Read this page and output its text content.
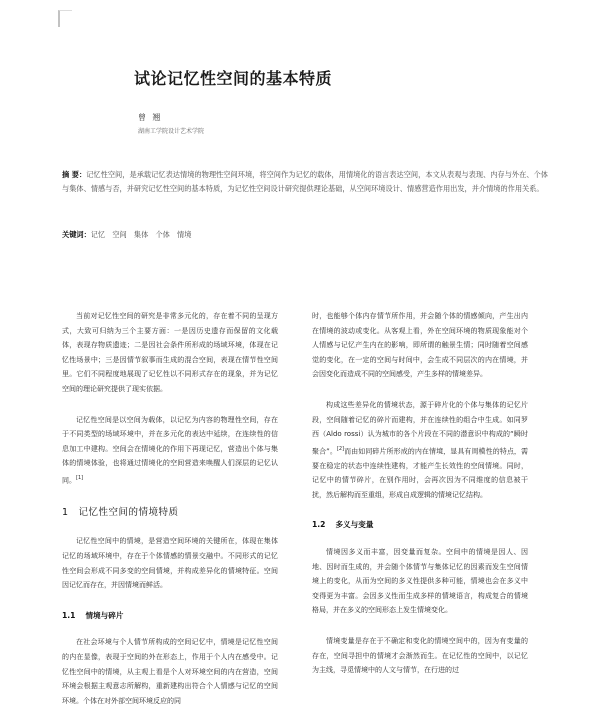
试论记忆性空间的基本特质
曾 翘
湖南工学院设计艺术学院
摘 要：记忆性空间，是承载记忆表达情境的物理性空间环境，将空间作为记忆的载体，用情境化的语言表达空间，本文从表观与表现、内存与外在、个体与集体、情感与否，并研究记忆性空间的基本特质，为记忆性空间设计研究提供理论基础，从空间环境设计、情感营造作用出发，并介情境的作用关系。
关键词：记忆　空间　集体　个体　情境

当前对记忆性空间的研究是非常多元化的，存在着不同的呈现方式，大致可归纳为三个主要方面：一是因历史遗存而保留的文化载体，表现存物质遗迹；二是因社会条件所形成的场域环境，体现在记忆性场景中；三是因情节叙事而生成的混合空间，表现在情节性空间里。它们不同程度地展现了记忆性以不同形式存在的现象，并为记忆空间的理论研究提供了现实依据。

记忆性空间是以空间为载体，以记忆为内容的物理性空间，存在于不同类型的场域环境中，并在多元化的表达中延续，在连续性的信息加工中建构。空间会在情境化的作用下再现记忆，营造出个体与集体的情境体验，也将通过情境化的空间营造来唤醒人们深层的记忆认同。[1]

1 记忆性空间的情境特质

记忆性空间中的情境，是营造空间环境的关键所在，体现在集体记忆的场域环境中，存在于个体情感的情景交融中。不同形式的记忆性空间会形成不同多变的空间情境，并构成差异化的情境特征。空间因记忆而存在，并因情境而鲜活。

1.1 情境与碎片

在社会环境与个人情节所构成的空间记忆中，情境是记忆性空间的内在显像，表现于空间的外在形态上，作用于个人内在感受中。记忆性空间中的情境，从主观上看是个人对环境空间的内在营造，空间环境会根据主观意志所解构，重新建构出符合个人情感与记忆的空间环境。个体在对外部空间环境反应的同

时，也能够个体内存情节所作用，并会随个体的情感倾向，产生出内在情境的波动或变化。从客观上看，外在空间环境的物质现象能对个人情感与记忆产生内在的影响，即所谓的触景生情；同时随着空间感觉的变化，在一定的空间与时间中，会生成不同层次的内在情境，并会因变化而造成不同的空间感受，产生多样的情境差异。

构成这些差异化的情境状态，源于碎片化的个体与集体的记忆片段，空间随着记忆的碎片而建构，并在连续性的组合中生成。如同罗西（Aldo rossi）认为城市的各个片段在不同的潜意识中构成的“瞬时聚合”。[2]而由如同碎片所形成的内在情境，显具有周模性的特点，需要在稳定的状态中连续性建构，才能产生长效性的空间情境。同时，记忆中的情节碎片，在别作用时，会再次因为不同维度的信息被干扰，然后解构而至重组，形成自成逻辑的情境记忆结构。

1.2 多义与变量

情境因多义而丰富，因变量而复杂。空间中的情境是因人、因地、因时而生成的，并会随个体情节与集体记忆的因素而发生空间情境上的变化，从而为空间的多义性提供多种可能，情境也会在多义中变得更为丰富。会因多义性而生成多样的情境语言，构成复合的情境格局，并在多义的空间形态上发生情境变化。

情境变量是存在于不确定和变化的情境空间中的，因为有变量的存在，空间寻担中的情境才会渐然而生。在记忆性的空间中，以记忆为主线，寻觅情境中的人文与情节，在行进的过
